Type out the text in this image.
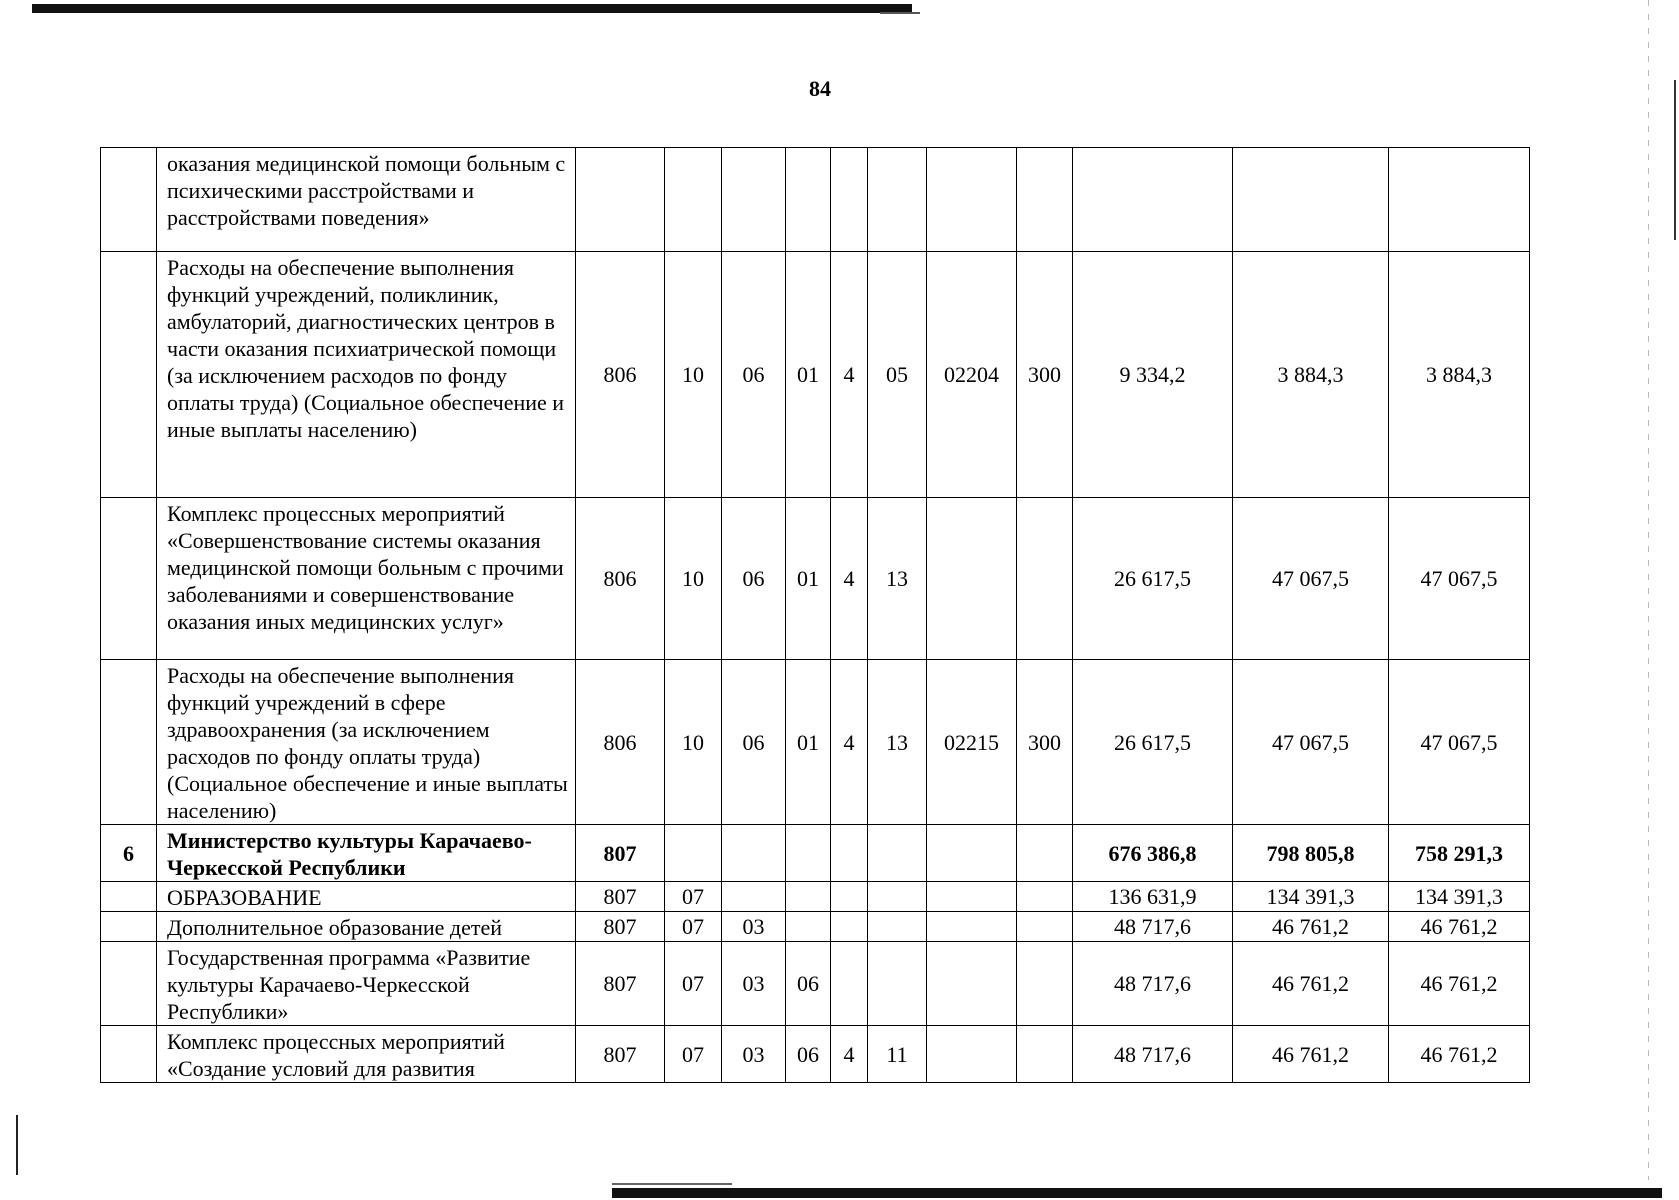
84
	оказания медицинской помощи больным с психическими расстройствами и расстройствами поведения»											
	Расходы на обеспечение выполнения функций учреждений, поликлиник, амбулаторий, диагностических центров в части оказания психиатрической помощи (за исключением расходов по фонду оплаты труда) (Социальное обеспечение и иные выплаты населению)	806	10	06	01	4	05	02204	300	9 334,2	3 884,3	3 884,3
	Комплекс процессных мероприятий «Совершенствование системы оказания медицинской помощи больным с прочими заболеваниями и совершенствование оказания иных медицинских услуг»	806	10	06	01	4	13			26 617,5	47 067,5	47 067,5
	Расходы на обеспечение выполнения функций учреждений в сфере здравоохранения (за исключением расходов по фонду оплаты труда) (Социальное обеспечение и иные выплаты населению)	806	10	06	01	4	13	02215	300	26 617,5	47 067,5	47 067,5
6	Министерство культуры Карачаево-Черкесской Республики	807								676 386,8	798 805,8	758 291,3
	ОБРАЗОВАНИЕ	807	07							136 631,9	134 391,3	134 391,3
	Дополнительное образование детей	807	07	03						48 717,6	46 761,2	46 761,2
	Государственная программа «Развитие культуры Карачаево-Черкесской Республики»	807	07	03	06					48 717,6	46 761,2	46 761,2
	Комплекс процессных мероприятий «Создание условий для развития	807	07	03	06	4	11			48 717,6	46 761,2	46 761,2
